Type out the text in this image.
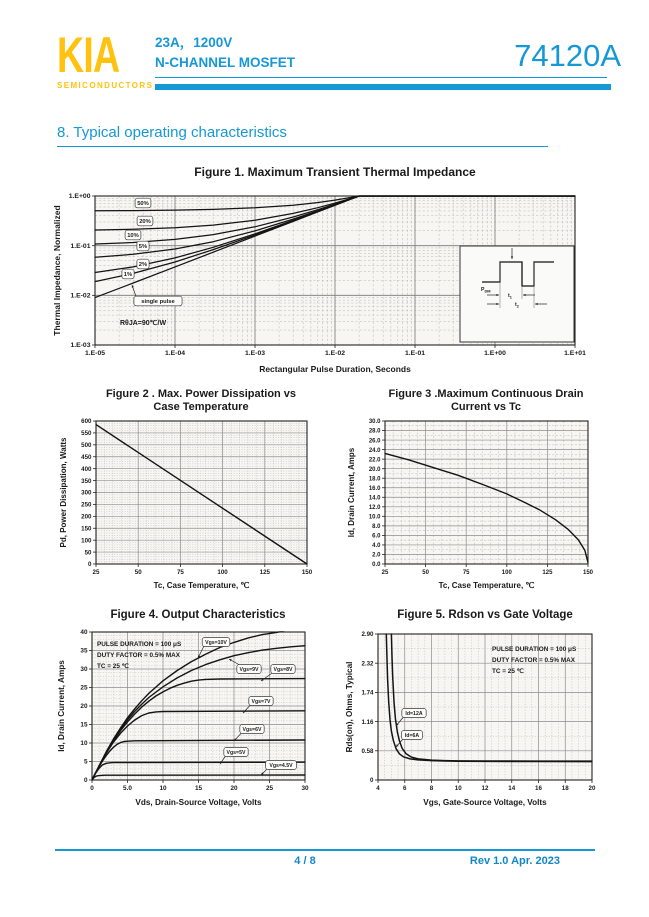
KIA
SEMICONDUCTORS
23A，1200V
N-CHANNEL MOSFET	74120A
8. Typical operating characteristics
1.E-05	1.E-04	1.E-03	1.E-02	1.E-01	1.E+00	1.E+01
1.E-03
1.E-02
1.E-01
1.E+00
Figure 1. Maximum Transient Thermal Impedance
Rectangular Pulse Duration, Seconds
Thermal Impedance, Normalized	RθJA=90℃/W
50%
20%
10%
5%
2%
1%
single pulse
$P_{DM}$
$t_1$
$t_2$
25	50	75	100	125	150
0
50
100
150
200
250
300
350
400
450
500
550
600
Figure 2 . Max. Power Dissipation vs
Case Temperature
Tc, Case Temperature, ℃
Pd, Power Dissipation, Watts
25	50	75	100	125	150
0.0
2.0
4.0
6.0
8.0
10.0
12.0
14.0
16.0
18.0
20.0
22.0
24.0
26.0
28.0
30.0
Figure 3 .Maximum Continuous Drain
Current vs Tc
Tc, Case Temperature, ℃
Id, Drain Current, Amps
0	5.0	10	15	20	25	30
0
5
10
15
20
25
30
35
40
Figure 4. Output Characteristics
Vds, Drain-Source Voltage, Volts
Id, Drain Current, Amps
PULSE DURATION = 100 μS
DUTY FACTOR = 0.5% MAX
TC = 25 ℃
Vgs=10V
Vgs=9V	Vgs=8V
Vgs=7V
Vgs=6V
Vgs=5V
Vgs=4.5V
4	6	8	10	12	14	16	18	20
0
0.58
1.16
1.74
2.32
2.90
Figure 5. Rdson vs Gate Voltage
Vgs, Gate-Source Voltage, Volts
Rds(on), Ohms, Typical
PULSE DURATION = 100 μS
DUTY FACTOR = 0.5% MAX
TC = 25 ℃
Id=12A
Id=6A
4 / 8	Rev 1.0 Apr. 2023
